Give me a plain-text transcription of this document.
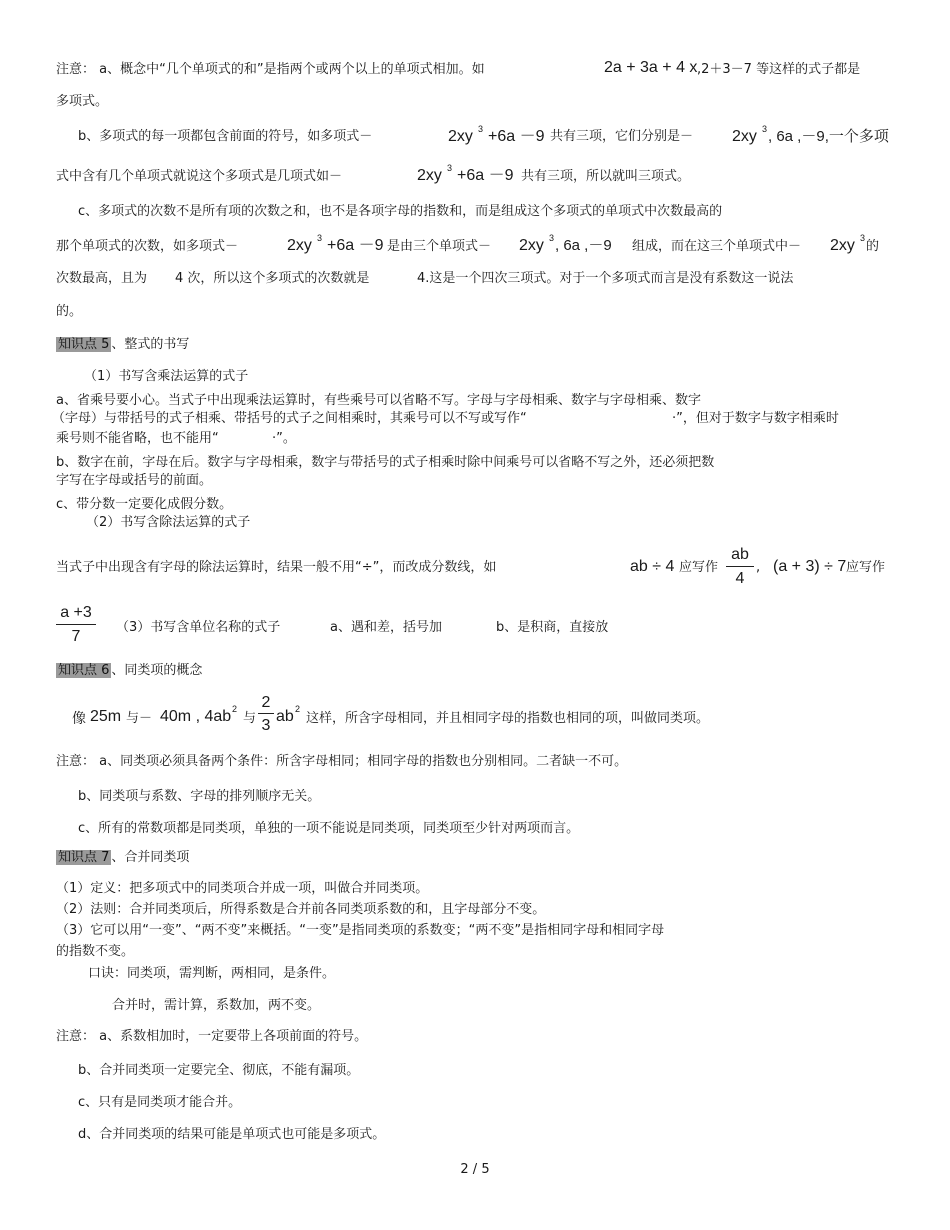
注意： a、概念中“几个单项式的和”是指两个或两个以上的单项式相加。如	2a + 3a + 4 x ,2＋3－7 等这样的式子都是
多项式。
b、多项式的每一项都包含前面的符号，如多项式－	2xy 3 +6a －9 共有三项，它们分别是－ 2xy 3 , 6a ,－9,一个多项
式中含有几个单项式就说这个多项式是几项式如－	2xy 3 +6a －9 共有三项，所以就叫三项式。
c、多项式的次数不是所有项的次数之和，也不是各项字母的指数和，而是组成这个多项式的单项式中次数最高的
那个单项式的次数，如多项式－	2xy 3 +6a －9 是由三个单项式－ 2xy 3 , 6a ,－9 组成，而在这三个单项式中－ 2xy 3
的
次数最高，且为 4 次，所以这个多项式的次数就是	4.这是一个四次三项式。对于一个多项式而言是没有系数这一说法
的。
知识点 5 、整式的书写
（1）书写含乘法运算的式子
a、省乘号要小心。当式子中出现乘法运算时，有些乘号可以省略不写。字母与字母相乘、数字与字母相乘、数字
（字母）与带括号的式子相乘、带括号的式子之间相乘时，其乘号可以不写或写作“	·”，但对于数字与数字相乘时
乘号则不能省略，也不能用“	·”。
b、数字在前，字母在后。数字与字母相乘，数字与带括号的式子相乘时除中间乘号可以省略不写之外，还必须把数
字写在字母或括号的前面。
c、带分数一定要化成假分数。
（2）书写含除法运算的式子
当式子中出现含有字母的除法运算时，结果一般不用“÷”，而改成分数线，如	ab ÷ 4 应写作 $\frac{ab}{4}$ , (a + 3) ÷ 7 应写作
$\frac{a +3}{7} (3)$书写含单位名称的式子	a、遇和差，括号加	b、是积商，直接放
知识点 6 、同类项的概念
像 25m 与－ 40m , 4ab 2
与 $\frac{2}{3}$ ab 2
这样，所含字母相同，并且相同字母的指数也相同的项，叫做同类项。
注意： a、同类项必须具备两个条件：所含字母相同；相同字母的指数也分别相同。二者缺一不可。
b、同类项与系数、字母的排列顺序无关。
c、所有的常数项都是同类项，单独的一项不能说是同类项，同类项至少针对两项而言。
知识点 7 、合并同类项
（1）定义：把多项式中的同类项合并成一项，叫做合并同类项。
（2）法则：合并同类项后，所得系数是合并前各同类项系数的和，且字母部分不变。
（3）它可以用“一变”、“两不变”来概括。“一变”是指同类项的系数变；“两不变”是指相同字母和相同字母
的指数不变。
口诀：同类项，需判断，两相同，是条件。
合并时，需计算，系数加，两不变。
注意： a、系数相加时，一定要带上各项前面的符号。
b、合并同类项一定要完全、彻底，不能有漏项。
c、只有是同类项才能合并。
d、合并同类项的结果可能是单项式也可能是多项式。
2 / 5
